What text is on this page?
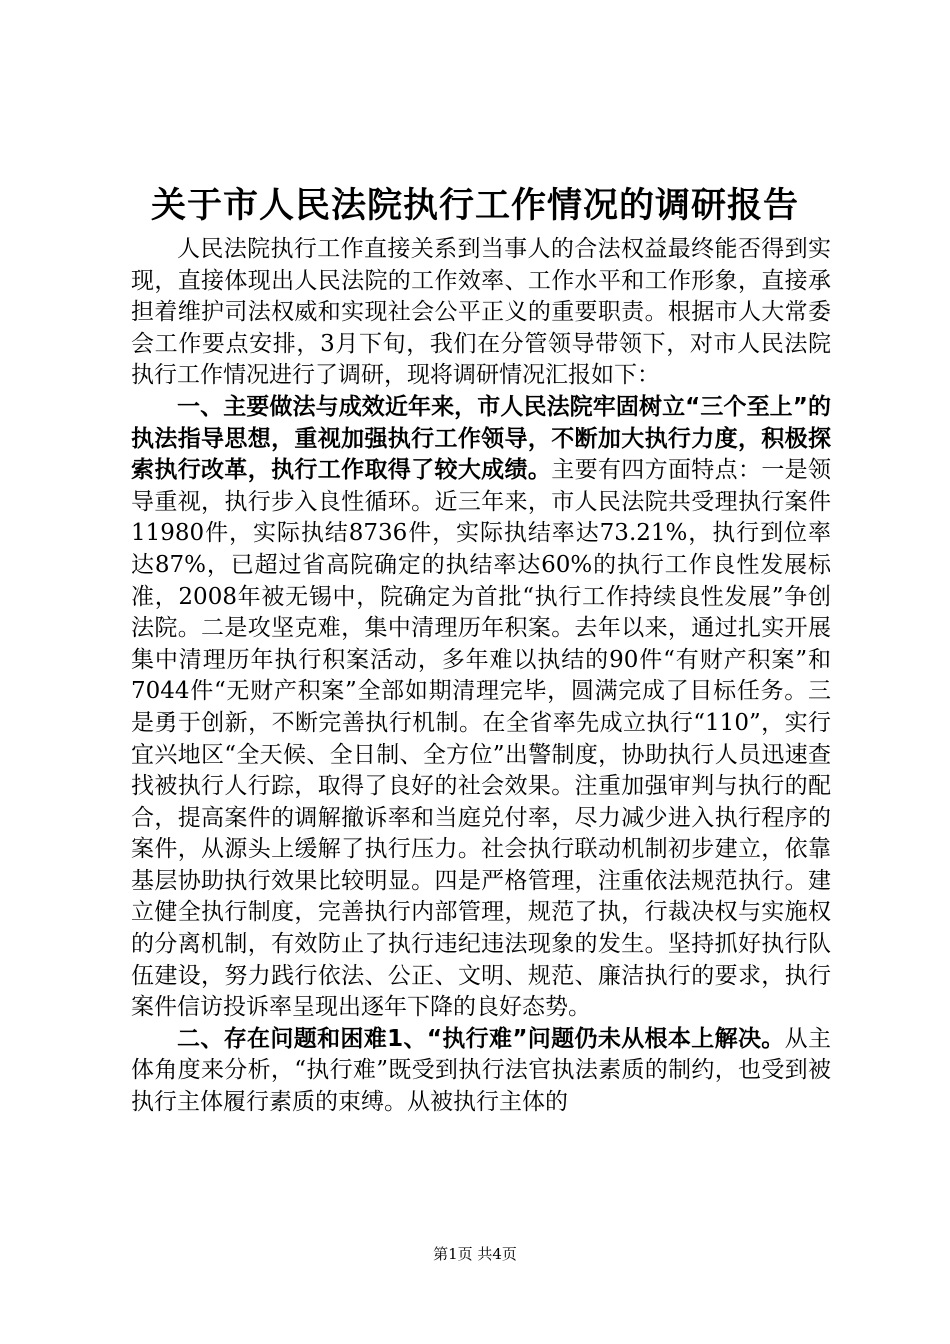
关于市人民法院执行工作情况的调研报告

人民法院执行工作直接关系到当事人的合法权益最终能否得到实现，直接体现出人民法院的工作效率、工作水平和工作形象，直接承担着维护司法权威和实现社会公平正义的重要职责。根据市人大常委会工作要点安排，3月下旬，我们在分管领导带领下，对市人民法院执行工作情况进行了调研，现将调研情况汇报如下：

一、主要做法与成效近年来，市人民法院牢固树立“三个至上”的执法指导思想，重视加强执行工作领导，不断加大执行力度，积极探索执行改革，执行工作取得了较大成绩。主要有四方面特点：一是领导重视，执行步入良性循环。近三年来，市人民法院共受理执行案件11980件，实际执结8736件，实际执结率达73.21%，执行到位率达87%，已超过省高院确定的执结率达60%的执行工作良性发展标准，2008年被无锡中，院确定为首批“执行工作持续良性发展”争创法院。二是攻坚克难，集中清理历年积案。去年以来，通过扎实开展集中清理历年执行积案活动，多年难以执结的90件“有财产积案”和7044件“无财产积案”全部如期清理完毕，圆满完成了目标任务。三是勇于创新，不断完善执行机制。在全省率先成立执行“110”，实行宜兴地区“全天候、全日制、全方位”出警制度，协助执行人员迅速查找被执行人行踪，取得了良好的社会效果。注重加强审判与执行的配合，提高案件的调解撤诉率和当庭兑付率，尽力减少进入执行程序的案件，从源头上缓解了执行压力。社会执行联动机制初步建立，依靠基层协助执行效果比较明显。四是严格管理，注重依法规范执行。建立健全执行制度，完善执行内部管理，规范了执，行裁决权与实施权的分离机制，有效防止了执行违纪违法现象的发生。坚持抓好执行队伍建设，努力践行依法、公正、文明、规范、廉洁执行的要求，执行案件信访投诉率呈现出逐年下降的良好态势。

二、存在问题和困难1、“执行难”问题仍未从根本上解决。从主体角度来分析，“执行难”既受到执行法官执法素质的制约，也受到被执行主体履行素质的束缚。从被执行主体的

第1页 共4页
